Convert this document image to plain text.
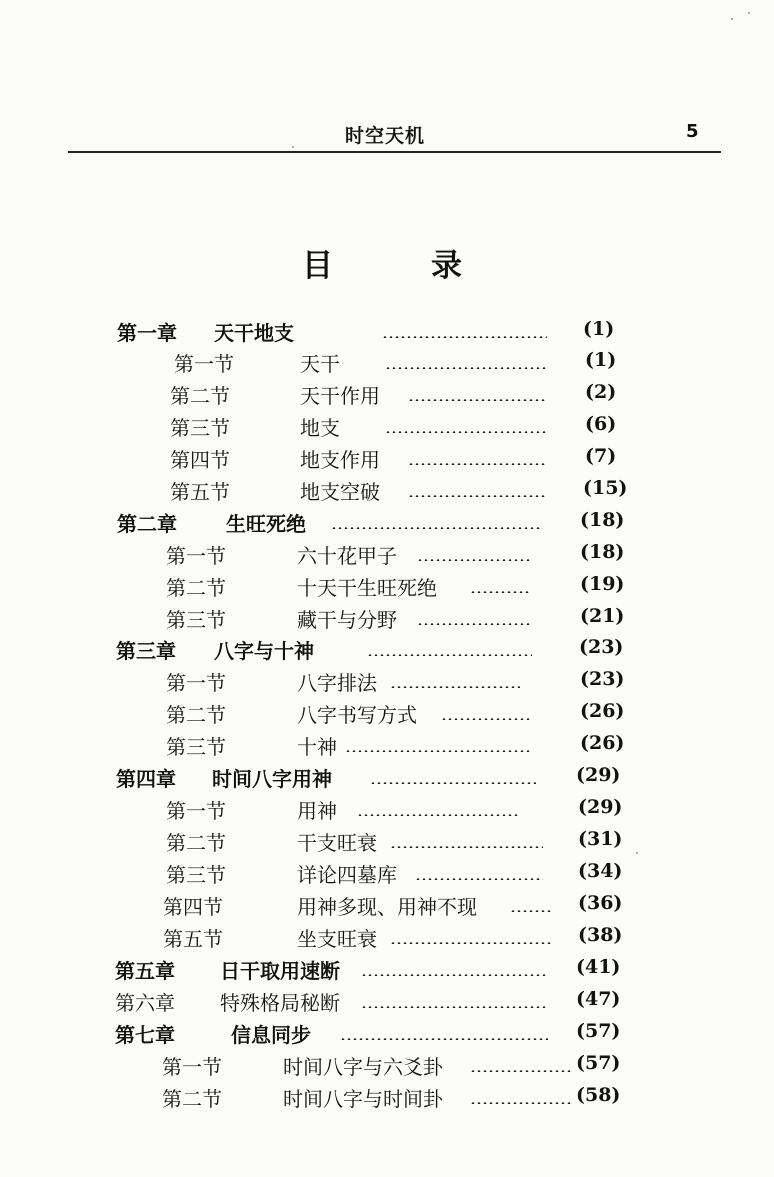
时空天机	5
目	录
第一章 天干地支	(1)
第一节	天干	(1)
第二节	天干作用	(2)
第三节	地支	(6)
第四节	地支作用	(7)
第五节	地支空破	(15)
第二章 生旺死绝	(18)
第一节	六十花甲子	(18)
第二节	十天干生旺死绝	(19)
第三节	藏干与分野	(21)
第三章 八字与十神	(23)
第一节	八字排法	(23)
第二节	八字书写方式	(26)
第三节	十神	(26)
第四章 时间八字用神	(29)
第一节	用神	(29)
第二节	干支旺衰	(31)
第三节	详论四墓库	(34)
第四节	用神多现、用神不现	(36)
第五节	坐支旺衰	(38)
第五章 日干取用速断	(41)
第六章 特殊格局秘断	(47)
第七章	信息同步	(57)
第一节	时间八字与六爻卦	(57)
第二节	时间八字与时间卦	(58)
